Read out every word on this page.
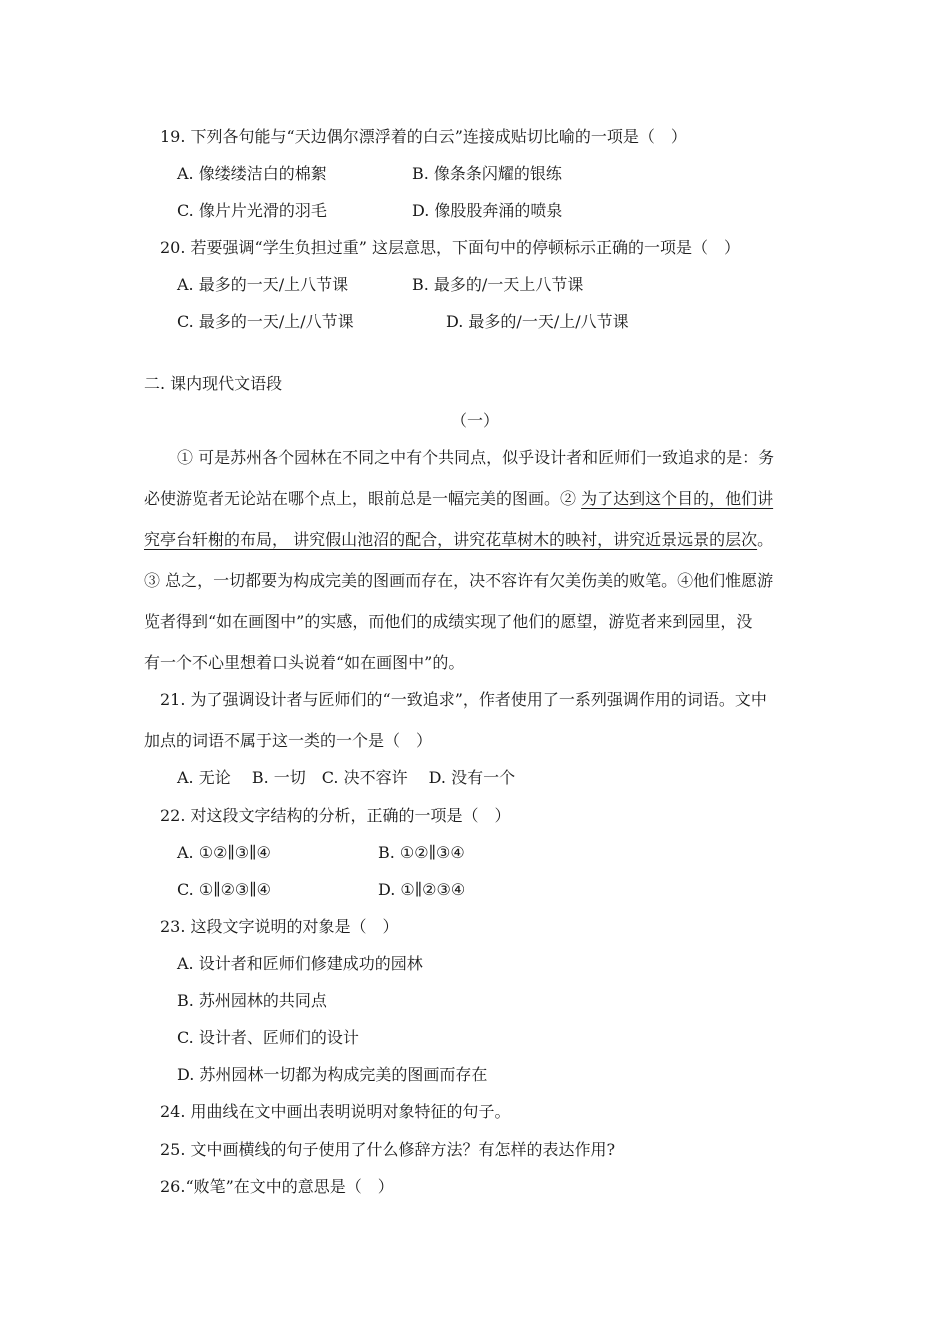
19. 下列各句能与“天边偶尔漂浮着的白云”连接成贴切比喻的一项是（　）
A. 像缕缕洁白的棉絮	B. 像条条闪耀的银练
C. 像片片光滑的羽毛	D. 像股股奔涌的喷泉
20. 若要强调“学生负担过重” 这层意思，下面句中的停顿标示正确的一项是（　）
A. 最多的一天/上八节课	B. 最多的/一天上八节课
C. 最多的一天/上/八节课	D. 最多的/一天/上/八节课
二. 课内现代文语段
（一）
① 可是苏州各个园林在不同之中有个共同点，似乎设计者和匠师们一致追求的是：务
必使游览者无论站在哪个点上，眼前总是一幅完美的图画。② 为了达到这个目的，他们讲
究亭台轩榭的布局， 讲究假山池沼的配合，讲究花草树木的映衬，讲究近景远景的层次。
③ 总之，一切都要为构成完美的图画而存在，决不容许有欠美伤美的败笔。④他们惟愿游
览者得到“如在画图中”的实感，而他们的成绩实现了他们的愿望，游览者来到园里，没
有一个不心里想着口头说着“如在画图中”的。
21. 为了强调设计者与匠师们的“一致追求”，作者使用了一系列强调作用的词语。文中
加点的词语不属于这一类的一个是（　）
A. 无论　 B. 一切　C. 决不容许　 D. 没有一个
22. 对这段文字结构的分析，正确的一项是（　）
A. ①②∥③∥④	B. ①②∥③④
C. ①∥②③∥④	D. ①∥②③④
23. 这段文字说明的对象是（　）
A. 设计者和匠师们修建成功的园林
B. 苏州园林的共同点
C. 设计者、匠师们的设计
D. 苏州园林一切都为构成完美的图画而存在
24. 用曲线在文中画出表明说明对象特征的句子。
25. 文中画横线的句子使用了什么修辞方法？有怎样的表达作用?
26.“败笔”在文中的意思是（　）
